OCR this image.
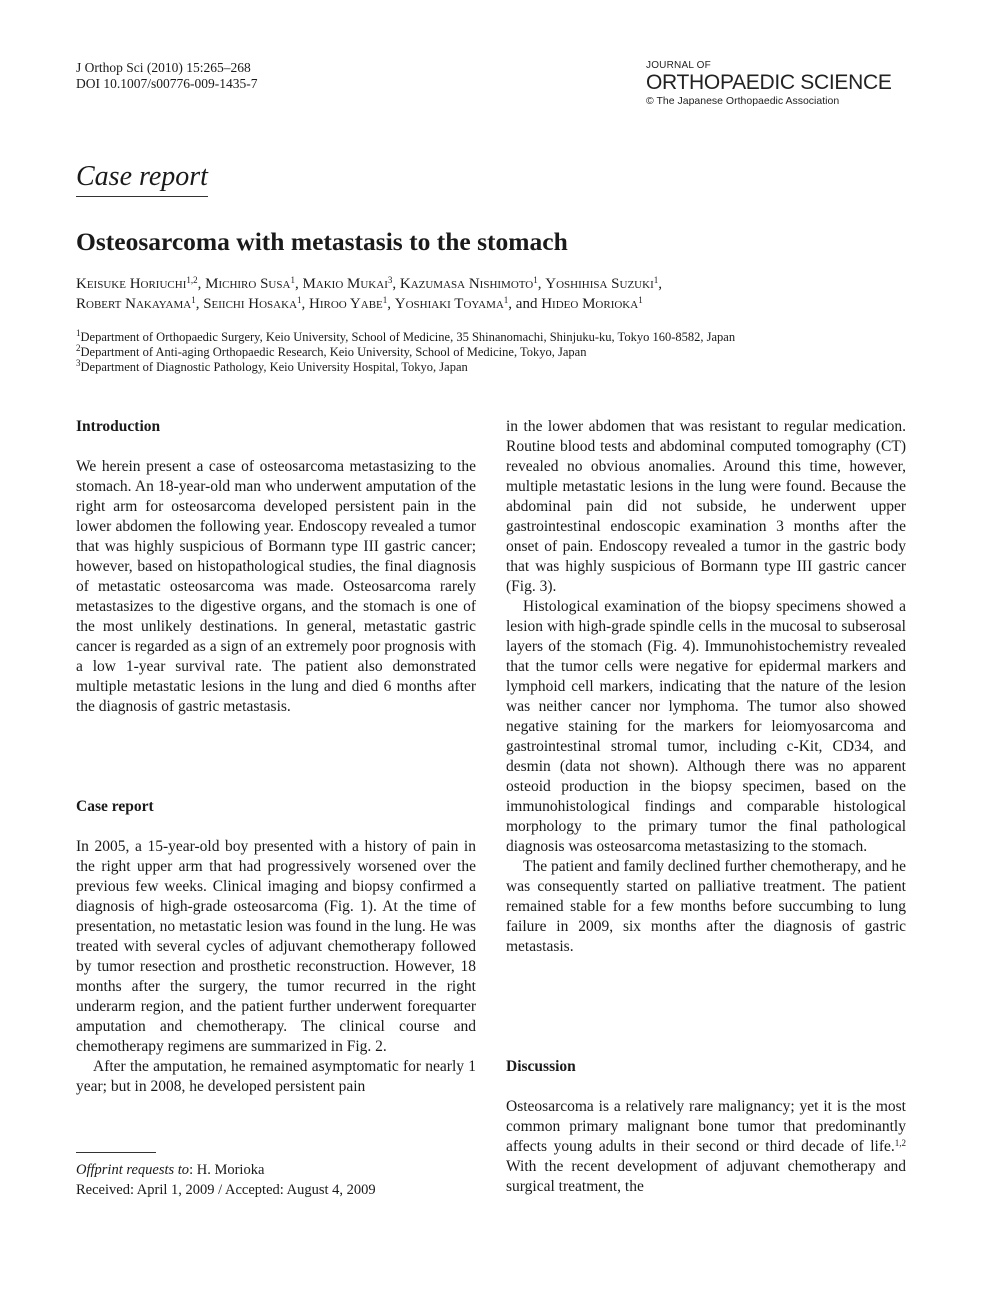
J Orthop Sci (2010) 15:265–268
DOI 10.1007/s00776-009-1435-7
JOURNAL OF
ORTHOPAEDIC SCIENCE
© The Japanese Orthopaedic Association
Case report
Osteosarcoma with metastasis to the stomach
Keisuke Horiuchi$^{1,2}$, Michiro Susa$^1$, Makio Mukai$^3$, Kazumasa Nishimoto$^1$, Yoshihisa Suzuki$^1$,
Robert Nakayama$^1$, Seiichi Hosaka$^1$, Hiroo Yabe$^1$, Yoshiaki Toyama$^1$, and Hideo Morioka$^1$
$^1$Department of Orthopaedic Surgery, Keio University, School of Medicine, 35 Shinanomachi, Shinjuku-ku, Tokyo 160-8582, Japan
$^2$Department of Anti-aging Orthopaedic Research, Keio University, School of Medicine, Tokyo, Japan
$^3$Department of Diagnostic Pathology, Keio University Hospital, Tokyo, Japan
Introduction

We herein present a case of osteosarcoma metastasizing to the stomach. An 18-year-old man who underwent amputation of the right arm for osteosarcoma developed persistent pain in the lower abdomen the following year. Endoscopy revealed a tumor that was highly suspicious of Bormann type III gastric cancer; however, based on histopathological studies, the final diagnosis of metastatic osteosarcoma was made. Osteosarcoma rarely metastasizes to the digestive organs, and the stomach is one of the most unlikely destinations. In general, metastatic gastric cancer is regarded as a sign of an extremely poor prognosis with a low 1-year survival rate. The patient also demonstrated multiple metastatic lesions in the lung and died 6 months after the diagnosis of gastric metastasis.

Case report

In 2005, a 15-year-old boy presented with a history of pain in the right upper arm that had progressively worsened over the previous few weeks. Clinical imaging and biopsy confirmed a diagnosis of high-grade osteosarcoma (Fig. 1). At the time of presentation, no metastatic lesion was found in the lung. He was treated with several cycles of adjuvant chemotherapy followed by tumor resection and prosthetic reconstruction. However, 18 months after the surgery, the tumor recurred in the right underarm region, and the patient further underwent forequarter amputation and chemotherapy. The clinical course and chemotherapy regimens are summarized in Fig. 2.

After the amputation, he remained asymptomatic for nearly 1 year; but in 2008, he developed persistent pain

Offprint requests to: H. Morioka
Received: April 1, 2009 / Accepted: August 4, 2009

in the lower abdomen that was resistant to regular medication. Routine blood tests and abdominal computed tomography (CT) revealed no obvious anomalies. Around this time, however, multiple metastatic lesions in the lung were found. Because the abdominal pain did not subside, he underwent upper gastrointestinal endoscopic examination 3 months after the onset of pain. Endoscopy revealed a tumor in the gastric body that was highly suspicious of Bormann type III gastric cancer (Fig. 3).

Histological examination of the biopsy specimens showed a lesion with high-grade spindle cells in the mucosal to subserosal layers of the stomach (Fig. 4). Immunohistochemistry revealed that the tumor cells were negative for epidermal markers and lymphoid cell markers, indicating that the nature of the lesion was neither cancer nor lymphoma. The tumor also showed negative staining for the markers for leiomyosarcoma and gastrointestinal stromal tumor, including c-Kit, CD34, and desmin (data not shown). Although there was no apparent osteoid production in the biopsy specimen, based on the immunohistological findings and comparable histological morphology to the primary tumor the final pathological diagnosis was osteosarcoma metastasizing to the stomach.

The patient and family declined further chemotherapy, and he was consequently started on palliative treatment. The patient remained stable for a few months before succumbing to lung failure in 2009, six months after the diagnosis of gastric metastasis.

Discussion

Osteosarcoma is a relatively rare malignancy; yet it is the most common primary malignant bone tumor that predominantly affects young adults in their second or third decade of life.$^{1,2}$ With the recent development of adjuvant chemotherapy and surgical treatment, the
